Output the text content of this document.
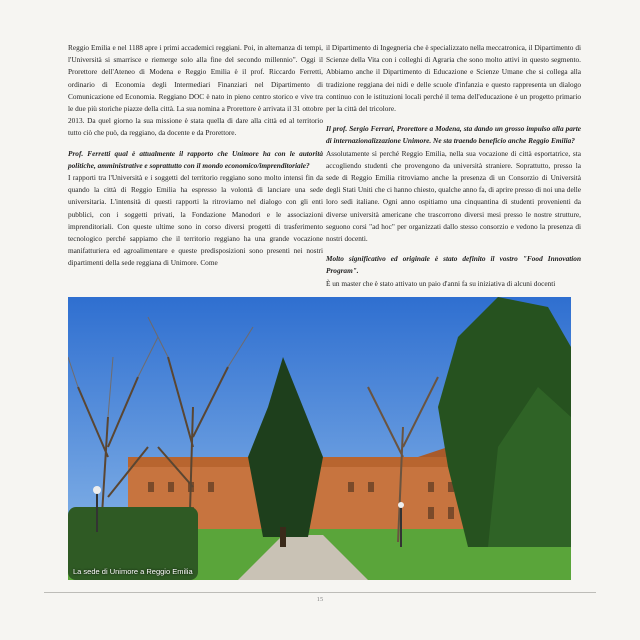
Reggio Emilia e nel 1188 apre i primi accademici reggiani. Poi, in alternanza di tempi, l'Università si smarrisce e riemerge solo alla fine del secondo millennio". Oggi il Prorettore dell'Ateneo di Modena e Reggio Emilia è il prof. Riccardo Ferretti, ordinario di Economia degli Intermediari Finanziari nel Dipartimento di Comunicazione ed Economia. Reggiano DOC è nato in pieno centro storico e vive tra le due più storiche piazze della città. La sua nomina a Prorettore è arrivata il 31 ottobre 2013. Da quel giorno la sua missione è stata quella di dare alla città ed al territorio tutto ciò che può, da reggiano, da docente e da Prorettore.

Prof. Ferretti qual è attualmente il rapporto che Unimore ha con le autorità politiche, amministrative e soprattutto con il mondo economico/imprenditoriale?

I rapporti tra l'Università e i soggetti del territorio reggiano sono molto intensi fin da quando la città di Reggio Emilia ha espresso la volontà di lanciare una sede universitaria. L'intensità di questi rapporti la ritroviamo nel dialogo con gli enti pubblici, con i soggetti privati, la Fondazione Manodori e le associazioni imprenditoriali. Con queste ultime sono in corso diversi progetti di trasferimento tecnologico perché sappiamo che il territorio reggiano ha una grande vocazione manifatturiera ed agroalimentare e queste predisposizioni sono presenti nei nostri dipartimenti della sede reggiana di Unimore. Come

il Dipartimento di Ingegneria che è specializzato nella meccatronica, il Dipartimento di Scienze della Vita con i colleghi di Agraria che sono molto attivi in questo segmento. Abbiamo anche il Dipartimento di Educazione e Scienze Umane che si collega alla tradizione reggiana dei nidi e delle scuole d'infanzia e questo rappresenta un dialogo continuo con le istituzioni locali perché il tema dell'educazione è un progetto primario per la città del tricolore.

Il prof. Sergio Ferrari, Prorettore a Modena, sta dando un grosso impulso alla parte di internazionalizzazione Unimore. Ne sta traendo beneficio anche Reggio Emilia?

Assolutamente sì perché Reggio Emilia, nella sua vocazione di città esportatrice, sta accogliendo studenti che provengono da università straniere. Soprattutto, presso la sede di Reggio Emilia ritroviamo anche la presenza di un Consorzio di Università degli Stati Uniti che ci hanno chiesto, qualche anno fa, di aprire presso di noi una delle loro sedi italiane. Ogni anno ospitiamo una cinquantina di studenti provenienti da diverse università americane che trascorrono diversi mesi presso le nostre strutture, seguono corsi "ad hoc" per organizzati dallo stesso consorzio e vedono la presenza di nostri docenti.

Molto significativo ed originale è stato definito il vostro "Food Innovation Program".

È un master che è stato attivato un paio d'anni fa su iniziativa di alcuni docenti

La sede di Unimore a Reggio Emilia
15
